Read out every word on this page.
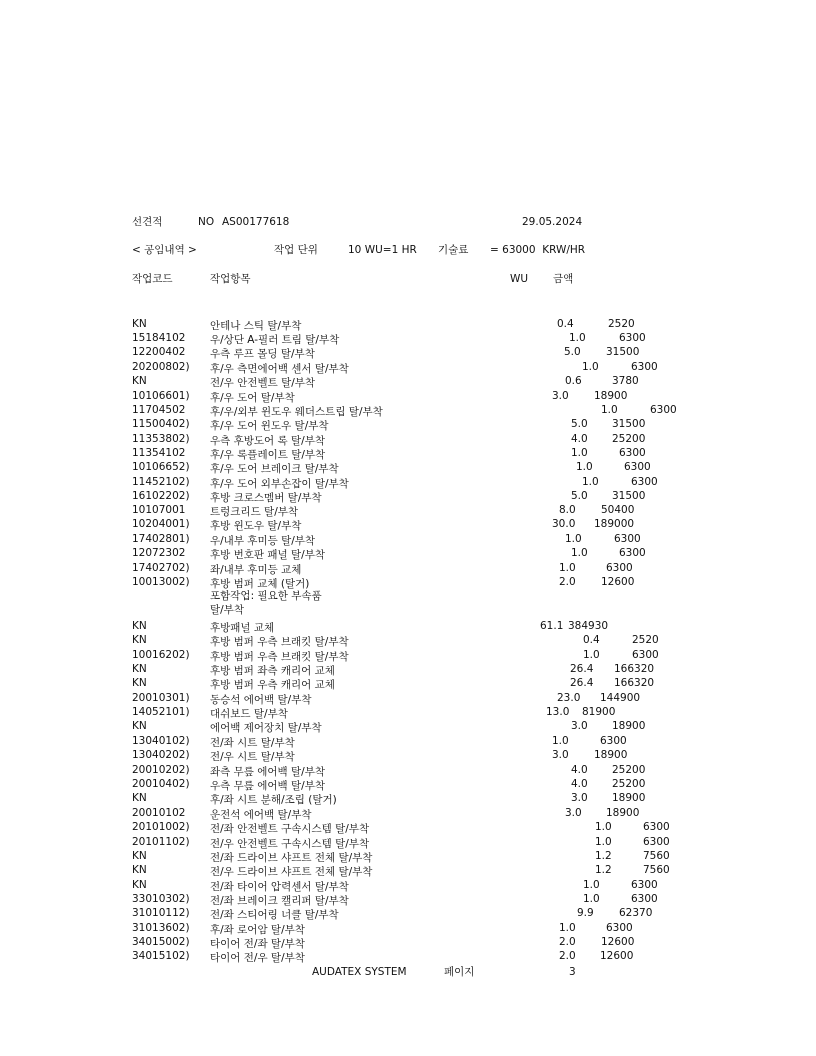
선견적	NO AS00177618	29.05.2024
< 공임내역 >	작업 단위	10 WU=1 HR 기술료 = 63000  KRW/HR
작업코드	작업항목	WU 금액
KN	안테나 스틱 탈/부착	0.4	2520
15184102 우/상단 A-필러 트림 탈/부착	1.0	6300
12200402 우측 루프 몰딩 탈/부착	5.0 31500
20200802) 후/우 측면에어백 센서 탈/부착	1.0	6300
KN	전/우 안전벨트 탈/부착	0.6	3780
10106601) 후/우 도어 탈/부착	3.0 18900
11704502 후/우/외부 윈도우 웨더스트립 탈/부착	1.0	6300
11500402) 후/우 도어 윈도우 탈/부착	5.0 31500
11353802) 우측 후방도어 록 탈/부착	4.0 25200
11354102 후/우 록플레이트 탈/부착	1.0	6300
10106652) 후/우 도어 브레이크 탈/부착	1.0	6300
11452102) 후/우 도어 외부손잡이 탈/부착	1.0	6300
16102202) 후방 크로스멤버 탈/부착	5.0 31500
10107001 트렁크리드 탈/부착	8.0 50400
10204001) 후방 윈도우 탈/부착	30.0 189000
17402801) 우/내부 후미등 탈/부착	1.0	6300
12072302 후방 번호판 패널 탈/부착	1.0	6300
17402702) 좌/내부 후미등 교체	1.0	6300
10013002) 후방 범퍼 교체 (탈거)	2.0 12600
KN	후방패널 교체	61.1 384930
KN	후방 범퍼 우측 브래킷 탈/부착	0.4	2520
10016202) 후방 범퍼 우측 브래킷 탈/부착	1.0	6300
KN	후방 범퍼 좌측 캐리어 교체	26.4 166320
KN	후방 범퍼 우측 캐리어 교체	26.4 166320
20010301) 동승석 에어백 탈/부착	23.0 144900
14052101) 대쉬보드 탈/부착	13.0 81900
KN	에어백 제어장치 탈/부착	3.0 18900
13040102) 전/좌 시트 탈/부착	1.0	6300
13040202) 전/우 시트 탈/부착	3.0 18900
20010202) 좌측 무릎 에어백 탈/부착	4.0 25200
20010402) 우측 무릎 에어백 탈/부착	4.0 25200
KN	후/좌 시트 분해/조립 (탈거)	3.0 18900
20010102 운전석 에어백 탈/부착	3.0 18900
20101002) 전/좌 안전벨트 구속시스템 탈/부착	1.0	6300
20101102) 전/우 안전벨트 구속시스템 탈/부착	1.0	6300
KN	전/좌 드라이브 샤프트 전체 탈/부착	1.2	7560
KN	전/우 드라이브 샤프트 전체 탈/부착	1.2	7560
KN	전/좌 타이어 압력센서 탈/부착	1.0	6300
33010302) 전/좌 브레이크 캘리퍼 탈/부착	1.0	6300
31010112) 전/좌 스티어링 너클 탈/부착	9.9 62370
31013602) 후/좌 로어암 탈/부착	1.0	6300
34015002) 타이어 전/좌 탈/부착	2.0 12600
34015102) 타이어 전/우 탈/부착	2.0 12600
포함작업: 필요한 부속품
탈/부착
AUDATEX SYSTEM	페이지	3
